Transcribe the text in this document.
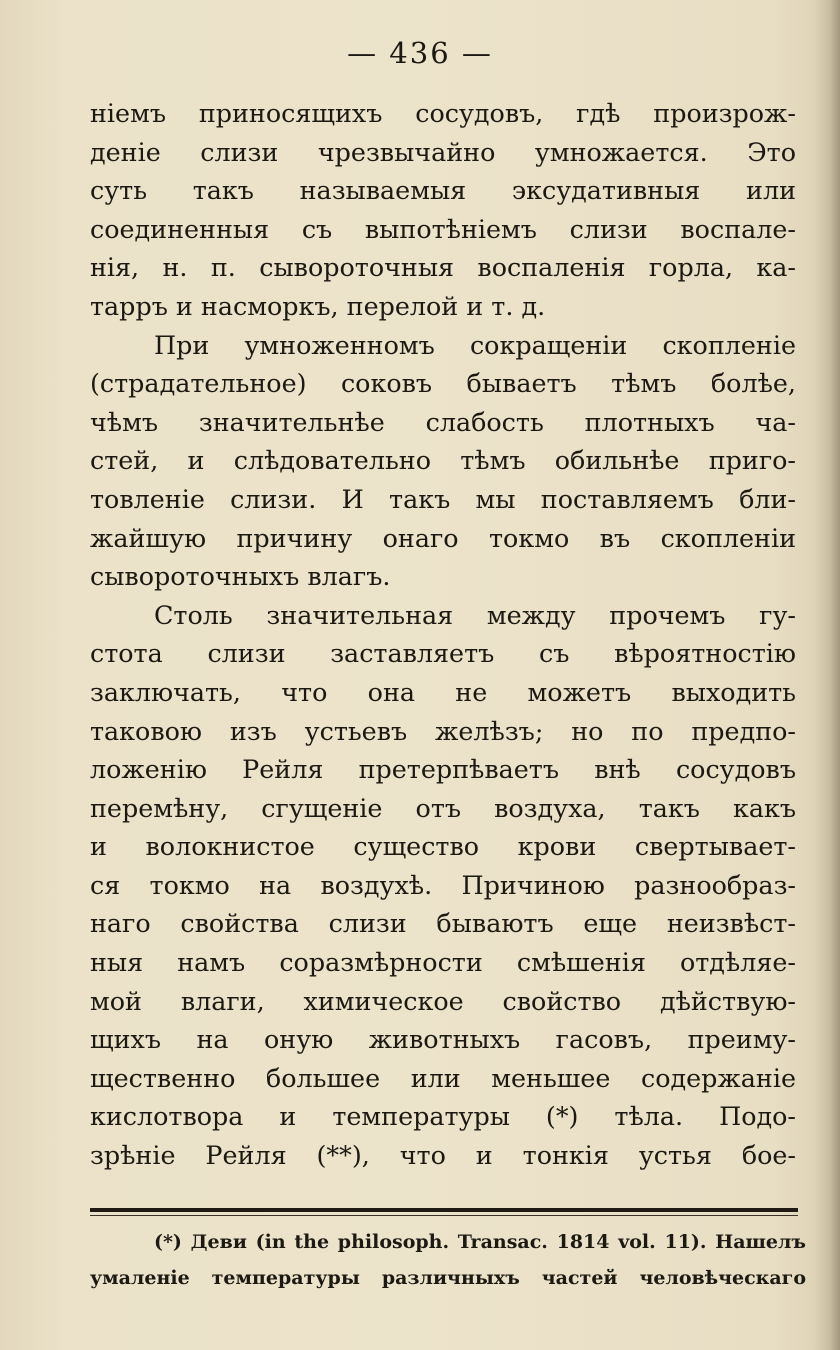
— 436 —
ніемъ приносящихъ сосудовъ, гдѣ произрож-
деніе слизи чрезвычайно умножается. Это
суть такъ называемыя эксудативныя или
соединенныя съ выпотѣніемъ слизи воспале-
нія, н. п. сывороточныя воспаленія горла, ка-
тарръ и насморкъ, перелой и т. д.
При умноженномъ сокращеніи скопленіе
(страдательное) соковъ бываетъ тѣмъ болѣе,
чѣмъ значительнѣе слабость плотныхъ ча-
стей, и слѣдовательно тѣмъ обильнѣе приго-
товленіе слизи. И такъ мы поставляемъ бли-
жайшую причину онаго токмо въ скопленіи
сывороточныхъ влагъ.
Столь значительная между прочемъ гу-
стота слизи заставляетъ съ вѣроятностію
заключать, что она не можетъ выходить
таковою изъ устьевъ желѣзъ; но по предпо-
ложенію Рейля претерпѣваетъ внѣ сосудовъ
перемѣну, сгущеніе отъ воздуха, такъ какъ
и волокнистое существо крови свертывает-
ся токмо на воздухѣ. Причиною разнообраз-
наго свойства слизи бываютъ еще неизвѣст-
ныя намъ соразмѣрности смѣшенія отдѣляе-
мой влаги, химическое свойство дѣйствую-
щихъ на оную животныхъ гасовъ, преиму-
щественно большее или меньшее содержаніе
кислотвора и температуры (*) тѣла. Подо-
зрѣніе Рейля (**), что и тонкія устья бое-
(*) Деви (in the philosoph. Transac. 1814 vol. 11). Нашелъ
умаленіе температуры различныхъ частей человѣческаго
